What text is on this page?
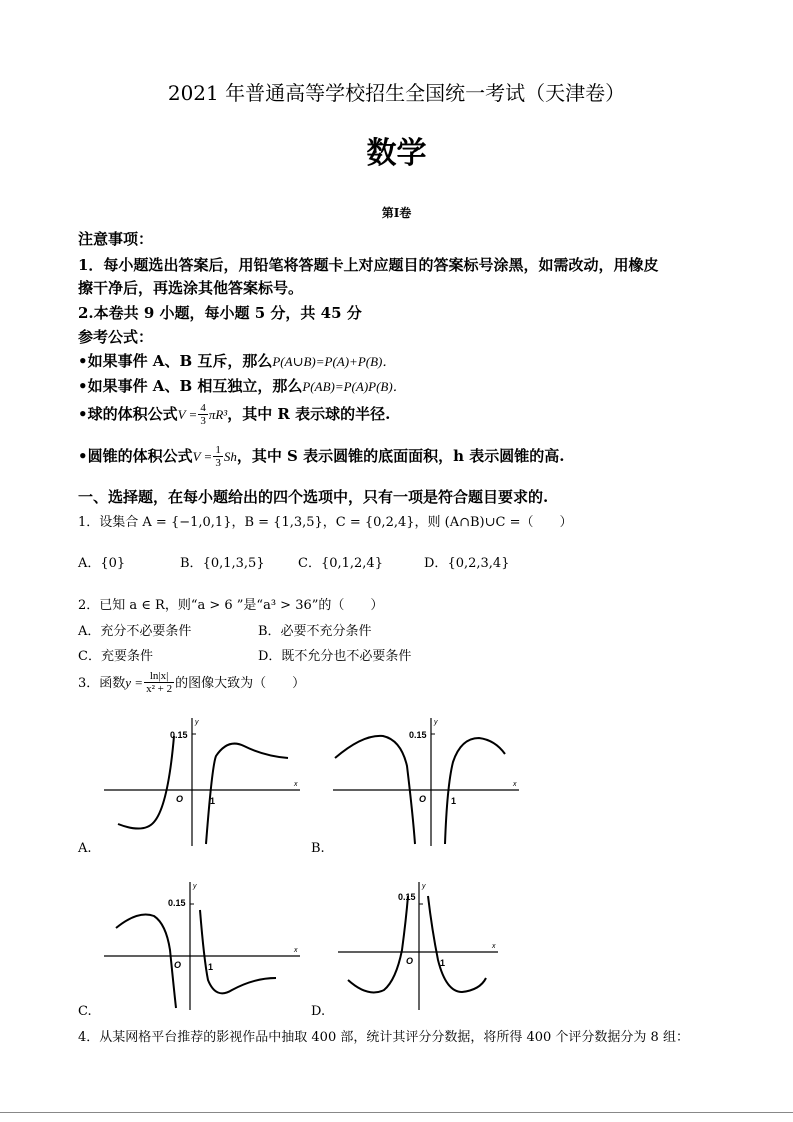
2021 年普通高等学校招生全国统一考试（天津卷）
数学
第Ⅰ卷
注意事项：
1．每小题选出答案后，用铅笔将答题卡上对应题目的答案标号涂黑，如需改动，用橡皮
擦干净后，再选涂其他答案标号。
2.本卷共 9 小题，每小题 5 分，共 45 分
参考公式：
•如果事件 A、B 互斥，那么P(A∪B)=P(A)+P(B)．
•如果事件 A、B 相互独立，那么P(AB)=P(A)P(B)．
•球的体积公式$V = \frac{4}{3} \pi R^3$，其中 R 表示球的半径.
•圆锥的体积公式$V = \frac{1}{3}$ Sh，其中 S 表示圆锥的底面面积，h 表示圆锥的高.
一、选择题，在每小题给出的四个选项中，只有一项是符合题目要求的.
1．设集合 A = {−1,0,1}，B = {1,3,5}，C = {0,2,4}，则 (A∩B)∪C =（　　）
A．{0}	B．{0,1,3,5}	C．{0,1,2,4}	D．{0,2,3,4}
2．已知 a ∈ R，则“a > 6 ”是“a³ > 36”的（　　）
A．充分不必要条件	B．必要不充分条件
C．充要条件	D．既不允分也不必要条件
3．函数$y = \frac{\ln|x|}{\text{x² + 2}}$ 的图像大致为（　　）
0.15
O	1
y
x
A.
0.15
O	1
y
x
B.
0.15
O	1
y
x
C.
0.15
O	1
y
x
D.
4．从某网格平台推荐的影视作品中抽取 400 部，统计其评分分数据，将所得 400 个评分数据分为 8 组：
